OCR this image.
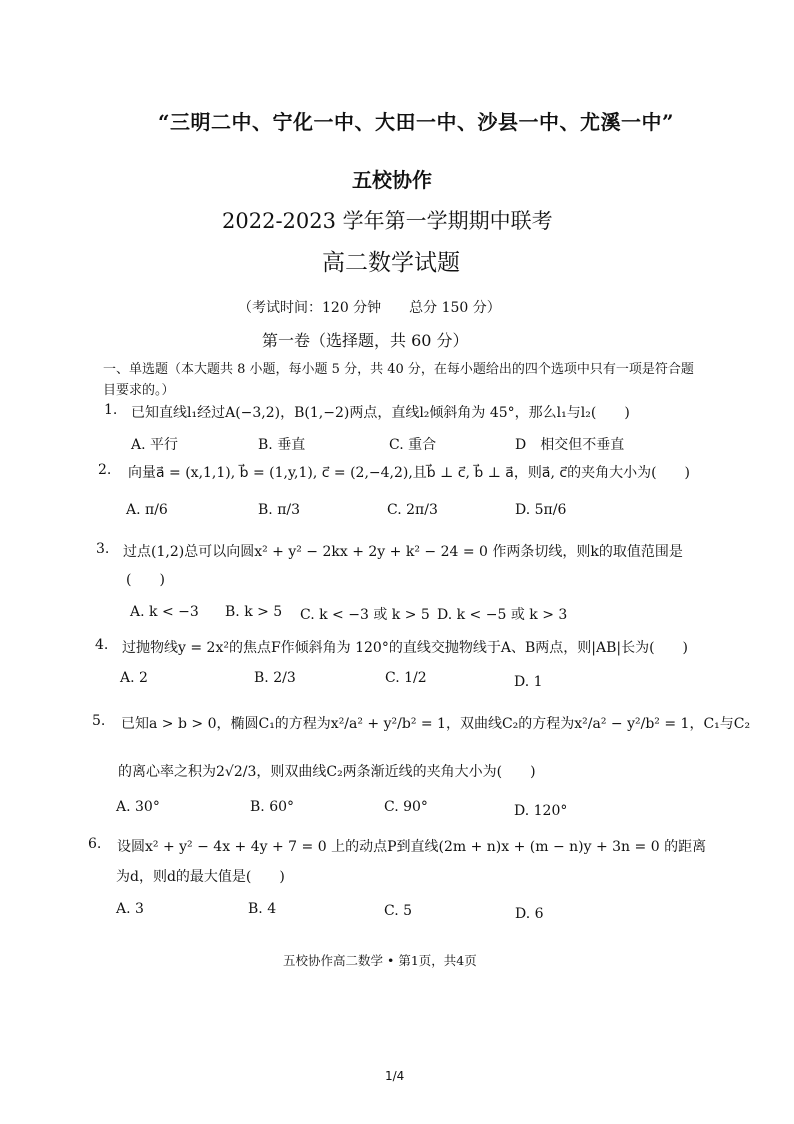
“三明二中、宁化一中、大田一中、沙县一中、尤溪一中”
五校协作
2022-2023 学年第一学期期中联考
高二数学试题
（考试时间：120 分钟　　总分 150 分）
第一卷（选择题，共 60 分）
一、单选题（本大题共 8 小题，每小题 5 分，共 40 分，在每小题给出的四个选项中只有一项是符合题目要求的。）
1. 已知直线l₁经过A(−3,2)，B(1,−2)两点，直线l₂倾斜角为 45°，那么l₁与l₂(　　)
A. 平行	B. 垂直	C. 重合	D　相交但不垂直
2. 向量a⃗ = (x,1,1), b⃗ = (1,y,1), c⃗ = (2,−4,2),且b⃗ ⊥ c⃗, b⃗ ⊥ a⃗，则a⃗, c⃗的夹角大小为(　　)
A. π/6	B. π/3	C. 2π/3	D. 5π/6
3. 过点(1,2)总可以向圆x² + y² − 2kx + 2y + k² − 24 = 0 作两条切线，则k的取值范围是
(　　)
A. k < −3 B. k > 5 C. k < −3 或 k > 5 D. k < −5 或 k > 3
4. 过抛物线y = 2x²的焦点F作倾斜角为 120°的直线交抛物线于A、B两点，则|AB|长为(　　)
A. 2	B. 2/3	C. 1/2	D. 1
5. 已知a > b > 0，椭圆C₁的方程为x²/a² + y²/b² = 1，双曲线C₂的方程为x²/a² − y²/b² = 1，C₁与C₂
的离心率之积为2√2/3，则双曲线C₂两条渐近线的夹角大小为(　　)
A. 30°	B. 60°	C. 90°	D. 120°
6. 设圆x² + y² − 4x + 4y + 7 = 0 上的动点P到直线(2m + n)x + (m − n)y + 3n = 0 的距离
为d，则d的最大值是(　　)
A. 3	B. 4	C. 5	D. 6
五校协作高二数学 • 第1页，共4页
1/4
